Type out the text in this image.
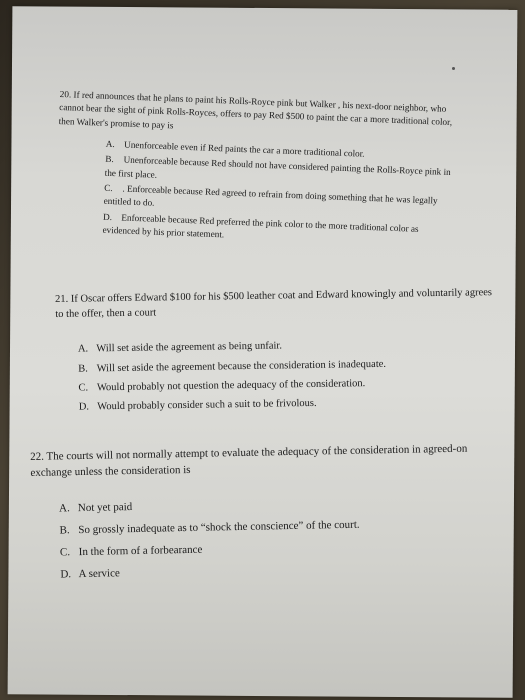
20. If red announces that he plans to paint his Rolls-Royce pink but Walker , his next-door neighbor, who cannot bear the sight of pink Rolls-Royces, offers to pay Red $500 to paint the car a more traditional color, then Walker's promise to pay is
A. Unenforceable even if Red paints the car a more traditional color.
B. Unenforceable because Red should not have considered painting the Rolls-Royce pink in the first place.
C. . Enforceable because Red agreed to refrain from doing something that he was legally entitled to do.
D. Enforceable because Red preferred the pink color to the more traditional color as evidenced by his prior statement.
21. If Oscar offers Edward $100 for his $500 leather coat and Edward knowingly and voluntarily agrees to the offer, then a court
A. Will set aside the agreement as being unfair.
B. Will set aside the agreement because the consideration is inadequate.
C. Would probably not question the adequacy of the consideration.
D. Would probably consider such a suit to be frivolous.
22. The courts will not normally attempt to evaluate the adequacy of the consideration in agreed-on exchange unless the consideration is
A. Not yet paid
B. So grossly inadequate as to “shock the conscience” of the court.
C. In the form of a forbearance
D. A service
